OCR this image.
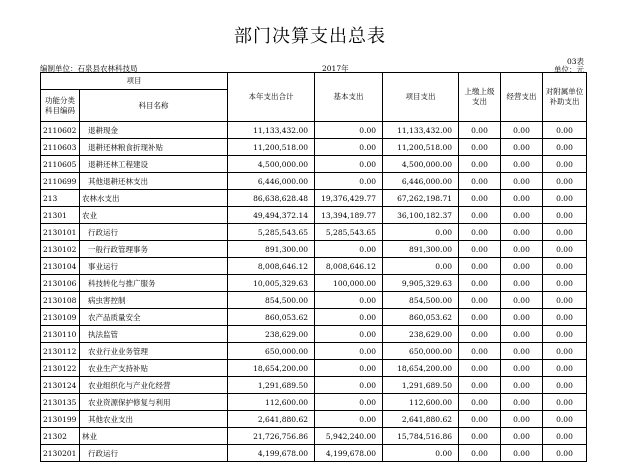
部门决算支出总表
编制单位：石泉县农林科技局	2017年
03表
单位：元
项目		本年支出合计	基本支出	项目支出	上缴上级支出	经营支出	对附属单位补助支出
功能分类科目编码	科目名称						
2110602	退耕现金	11,133,432.00	0.00	11,133,432.00	0.00	0.00	0.00
2110603	退耕还林粮食折现补贴	11,200,518.00	0.00	11,200,518.00	0.00	0.00	0.00
2110605	退耕还林工程建设	4,500,000.00	0.00	4,500,000.00	0.00	0.00	0.00
2110699	其他退耕还林支出	6,446,000.00	0.00	6,446,000.00	0.00	0.00	0.00
213	农林水支出	86,638,628.48	19,376,429.77	67,262,198.71	0.00	0.00	0.00
21301	农业	49,494,372.14	13,394,189.77	36,100,182.37	0.00	0.00	0.00
2130101	行政运行	5,285,543.65	5,285,543.65	0.00	0.00	0.00	0.00
2130102	一般行政管理事务	891,300.00	0.00	891,300.00	0.00	0.00	0.00
2130104	事业运行	8,008,646.12	8,008,646.12	0.00	0.00	0.00	0.00
2130106	科技转化与推广服务	10,005,329.63	100,000.00	9,905,329.63	0.00	0.00	0.00
2130108	病虫害控制	854,500.00	0.00	854,500.00	0.00	0.00	0.00
2130109	农产品质量安全	860,053.62	0.00	860,053.62	0.00	0.00	0.00
2130110	执法监管	238,629.00	0.00	238,629.00	0.00	0.00	0.00
2130112	农业行业业务管理	650,000.00	0.00	650,000.00	0.00	0.00	0.00
2130122	农业生产支持补贴	18,654,200.00	0.00	18,654,200.00	0.00	0.00	0.00
2130124	农业组织化与产业化经营	1,291,689.50	0.00	1,291,689.50	0.00	0.00	0.00
2130135	农业资源保护修复与利用	112,600.00	0.00	112,600.00	0.00	0.00	0.00
2130199	其他农业支出	2,641,880.62	0.00	2,641,880.62	0.00	0.00	0.00
21302	林业	21,726,756.86	5,942,240.00	15,784,516.86	0.00	0.00	0.00
2130201	行政运行	4,199,678.00	4,199,678.00	0.00	0.00	0.00	0.00
